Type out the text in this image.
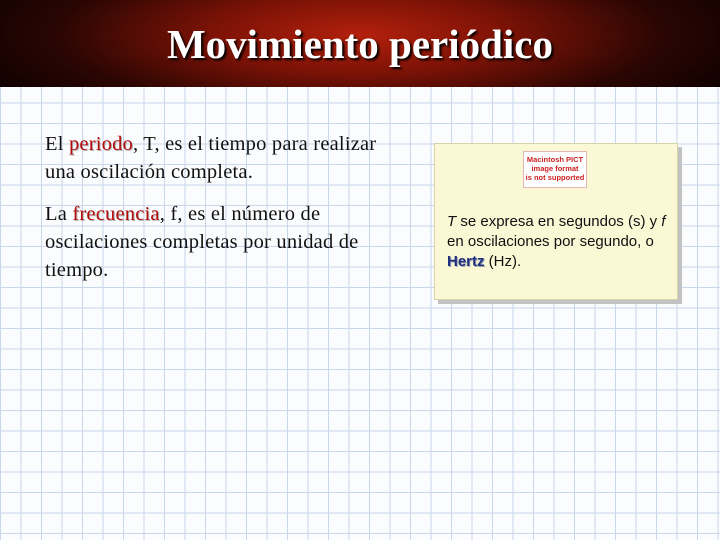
Movimiento periódico

El periodo, T, es el tiempo para realizar una oscilación completa.

La frecuencia, f, es el número de oscilaciones completas por unidad de tiempo.

Macintosh PICT
image format
is not supported
T se expresa en segundos (s) y f en oscilaciones por segundo, o Hertz (Hz).
